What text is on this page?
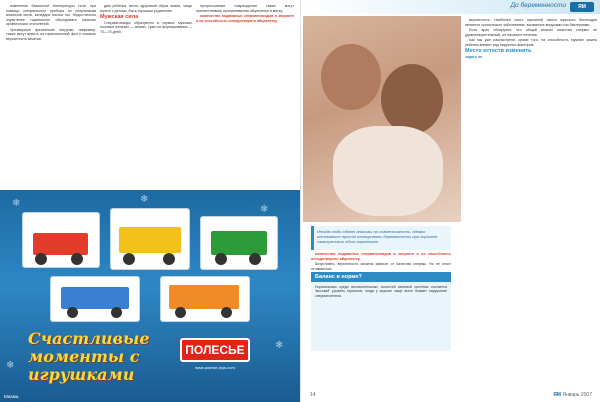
изменение базальной температуры тела, при помощи специального прибора по результатам анализов мочи, каледаре мытья ног. Недостаточно очувствлее тщательнее обследовать наличие органических отклонений.

Чрезмерные физические нагрузки, например, также могут влиять на гормональный фон и снижать вероятность зачатия.

дим ребенка, вести здоровый образ жизни, чаще играть с детьми, быть хорошим родителем.

Мужская сила

Сперматозоиды образуются в первых мужских половых железах — яичках. Цикл их формирования — 70—75 дней.

прогрессивные повреждения также могут препятствовать проникновению яйцеклетки в матку.

количество подвижных сперматозоидов в эякуляте и их способность оплодотворить яйцеклетку

❄
❄
❄
❄
❄
Счастливые моменты с игрушками
ПОЛЕСЬЕ
www.polesie-toys.com
Маама
До беременности	ЯМ
Иногда люди сдают анализы на совместимость, однако оптимально просто планировать беременность при хорошем самочувствии обоих партнеров.

количество подвижных сперматозоидов в эякуляте и их способность оплодотворить яйцеклетку.

Безусловно, вероятность зачатия зависит от качества спермы. Но не стоит отчаиваться.

Баланс в норме?
Нормальным среди воспалительных полостей мочевой системы считается 'высокий' уровень гормонов, когда у мужчин чаще всего бывает нарушение сперматогенеза.

вероятность. Наиболее часто причиной такого мужского бесплодия является хроническое заболевание, вызванное вирусами или бактериями.

Если врач обнаружит, что общий анализ качества спермы не удовлетворительный, он назначит лечение.

Как мы уже рассмотрели, кроме того, на способность мужчин зачать ребенка влияют ряд наружных факторов.

Место естеств изменить

задать ля

14	ЯМ Январь 2007
